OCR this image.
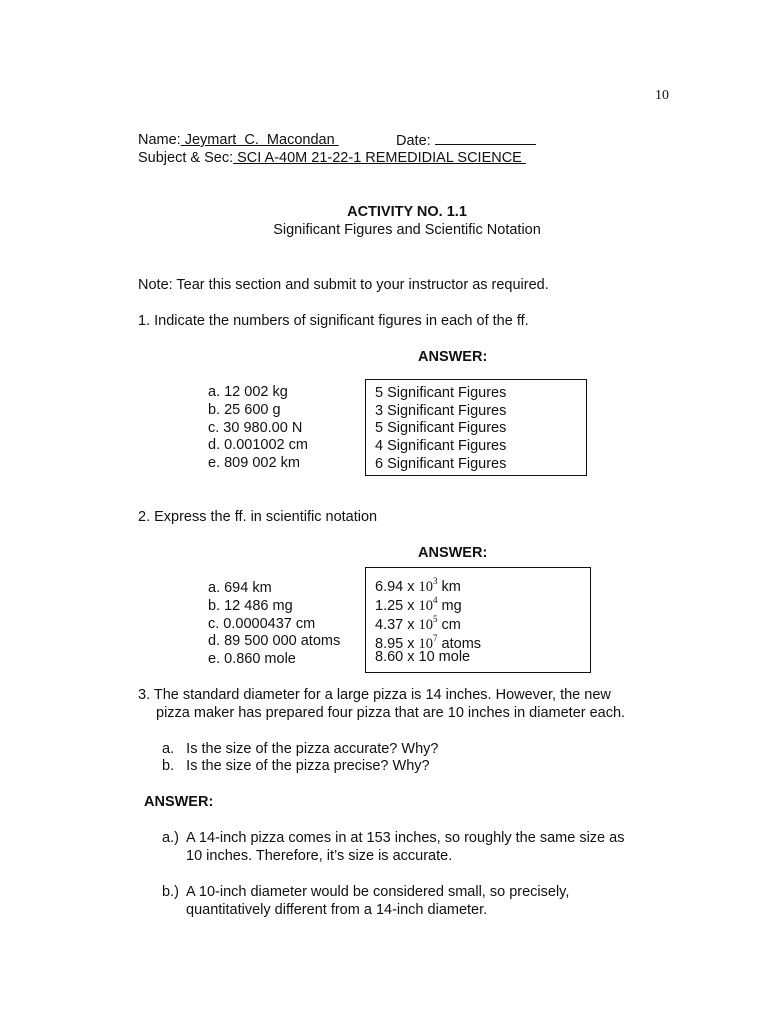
10
Name: Jeymart  C.  Macondan	Date:
Subject & Sec: SCI A-40M 21-22-1 REMEDIDIAL SCIENCE
ACTIVITY NO. 1.1
Significant Figures and Scientific Notation
Note: Tear this section and submit to your instructor as required.
1. Indicate the numbers of significant figures in each of the ff.
ANSWER:
a. 12 002 kg
b. 25 600 g
c. 30 980.00 N
d. 0.001002 cm
e. 809 002 km
5 Significant Figures
3 Significant Figures
5 Significant Figures
4 Significant Figures
6 Significant Figures
2. Express the ff. in scientific notation
ANSWER:
a. 694 km
b. 12 486 mg
c. 0.0000437 cm
d. 89 500 000 atoms
e. 0.860 mole
6.94 x $10^3$ km
1.25 x $10^4$ mg
4.37 x $10^5$ cm
8.95 x $10^7$ atoms
8.60 x 10 mole
3. The standard diameter for a large pizza is 14 inches. However, the new
pizza maker has prepared four pizza that are 10 inches in diameter each.
a.   Is the size of the pizza accurate? Why?
b.   Is the size of the pizza precise? Why?
ANSWER:
a.) A 14-inch pizza comes in at 153 inches, so roughly the same size as
10 inches. Therefore, it’s size is accurate.
b.) A 10-inch diameter would be considered small, so precisely,
quantitatively different from a 14-inch diameter.
